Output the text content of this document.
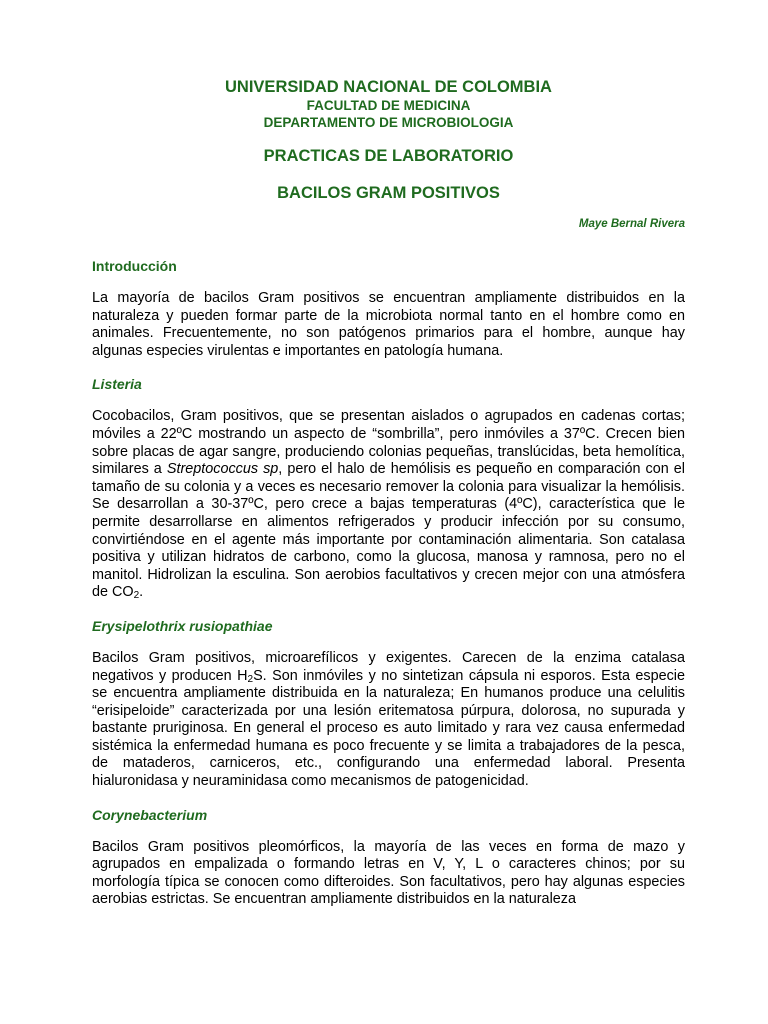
UNIVERSIDAD NACIONAL DE COLOMBIA
FACULTAD DE MEDICINA
DEPARTAMENTO DE MICROBIOLOGIA
PRACTICAS DE LABORATORIO
BACILOS GRAM POSITIVOS
Maye Bernal Rivera
Introducción
La mayoría de bacilos Gram positivos se encuentran ampliamente distribuidos en la naturaleza y pueden formar parte de la microbiota normal tanto en el hombre como en animales. Frecuentemente, no son patógenos primarios para el hombre, aunque hay algunas especies virulentas e importantes en patología humana.
Listeria
Cocobacilos, Gram positivos, que se presentan aislados o agrupados en cadenas cortas; móviles a 22ºC mostrando un aspecto de “sombrilla”, pero inmóviles a 37ºC. Crecen bien sobre placas de agar sangre, produciendo colonias pequeñas, translúcidas, beta hemolítica, similares a Streptococcus sp, pero el halo de hemólisis es pequeño en comparación con el tamaño de su colonia y a veces es necesario remover la colonia para visualizar la hemólisis. Se desarrollan a 30-37ºC, pero crece a bajas temperaturas (4ºC), característica que le permite desarrollarse en alimentos refrigerados y producir infección por su consumo, convirtiéndose en el agente más importante por contaminación alimentaria. Son catalasa positiva y utilizan hidratos de carbono, como la glucosa, manosa y ramnosa, pero no el manitol. Hidrolizan la esculina. Son aerobios facultativos y crecen mejor con una atmósfera de $CO_2$.
Erysipelothrix rusiopathiae
Bacilos Gram positivos, microarefílicos y exigentes. Carecen de la enzima catalasa negativos y producen $H_2S$. Son inmóviles y no sintetizan cápsula ni esporos. Esta especie se encuentra ampliamente distribuida en la naturaleza; En humanos produce una celulitis “erisipeloide” caracterizada por una lesión eritematosa púrpura, dolorosa, no supurada y bastante pruriginosa. En general el proceso es auto limitado y rara vez causa enfermedad sistémica la enfermedad humana es poco frecuente y se limita a trabajadores de la pesca, de mataderos, carniceros, etc., configurando una enfermedad laboral. Presenta hialuronidasa y neuraminidasa como mecanismos de patogenicidad.
Corynebacterium
Bacilos Gram positivos pleomórficos, la mayoría de las veces en forma de mazo y agrupados en empalizada o formando letras en V, Y, L o caracteres chinos; por su morfología típica se conocen como difteroides. Son facultativos, pero hay algunas especies aerobias estrictas. Se encuentran ampliamente distribuidos en la naturaleza
